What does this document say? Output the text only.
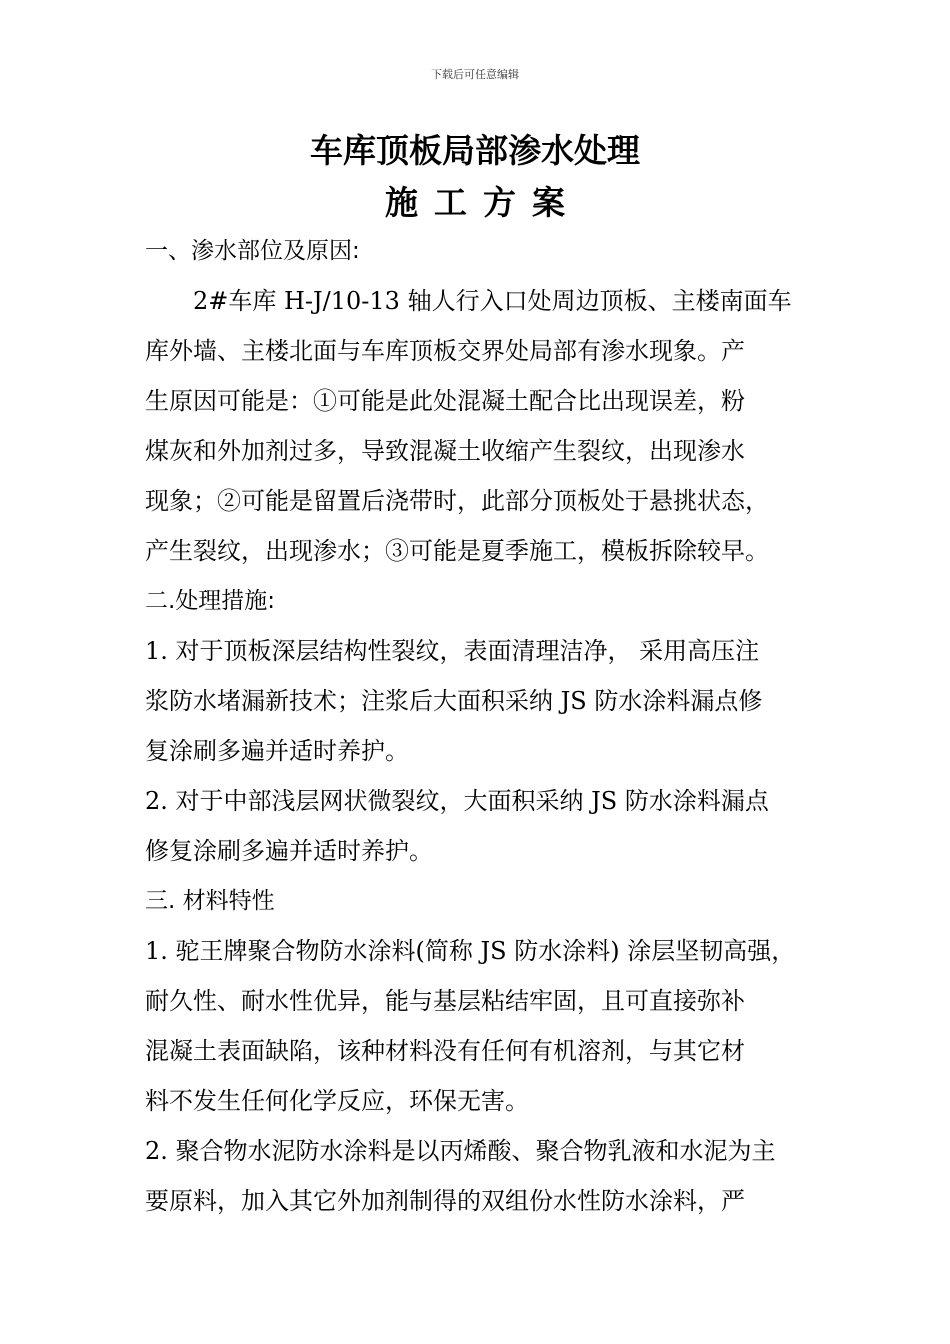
下载后可任意编辑
车库顶板局部渗水处理
施工方案
一、渗水部位及原因:
2#车库 H-J/10-13 轴人行入口处周边顶板、主楼南面车
库外墙、主楼北面与车库顶板交界处局部有渗水现象。产
生原因可能是：①可能是此处混凝土配合比出现误差，粉
煤灰和外加剂过多，导致混凝土收缩产生裂纹，出现渗水
现象；②可能是留置后浇带时，此部分顶板处于悬挑状态，
产生裂纹，出现渗水；③可能是夏季施工，模板拆除较早。
二.处理措施:
1. 对于顶板深层结构性裂纹，表面清理洁净， 采用高压注
浆防水堵漏新技术；注浆后大面积采纳 JS 防水涂料漏点修
复涂刷多遍并适时养护。
2. 对于中部浅层网状微裂纹，大面积采纳 JS 防水涂料漏点
修复涂刷多遍并适时养护。
三. 材料特性
1. 驼王牌聚合物防水涂料(简称 JS 防水涂料) 涂层坚韧高强，
耐久性、耐水性优异，能与基层粘结牢固，且可直接弥补
混凝土表面缺陷，该种材料没有任何有机溶剂，与其它材
料不发生任何化学反应，环保无害。
2. 聚合物水泥防水涂料是以丙烯酸、聚合物乳液和水泥为主
要原料，加入其它外加剂制得的双组份水性防水涂料，严
